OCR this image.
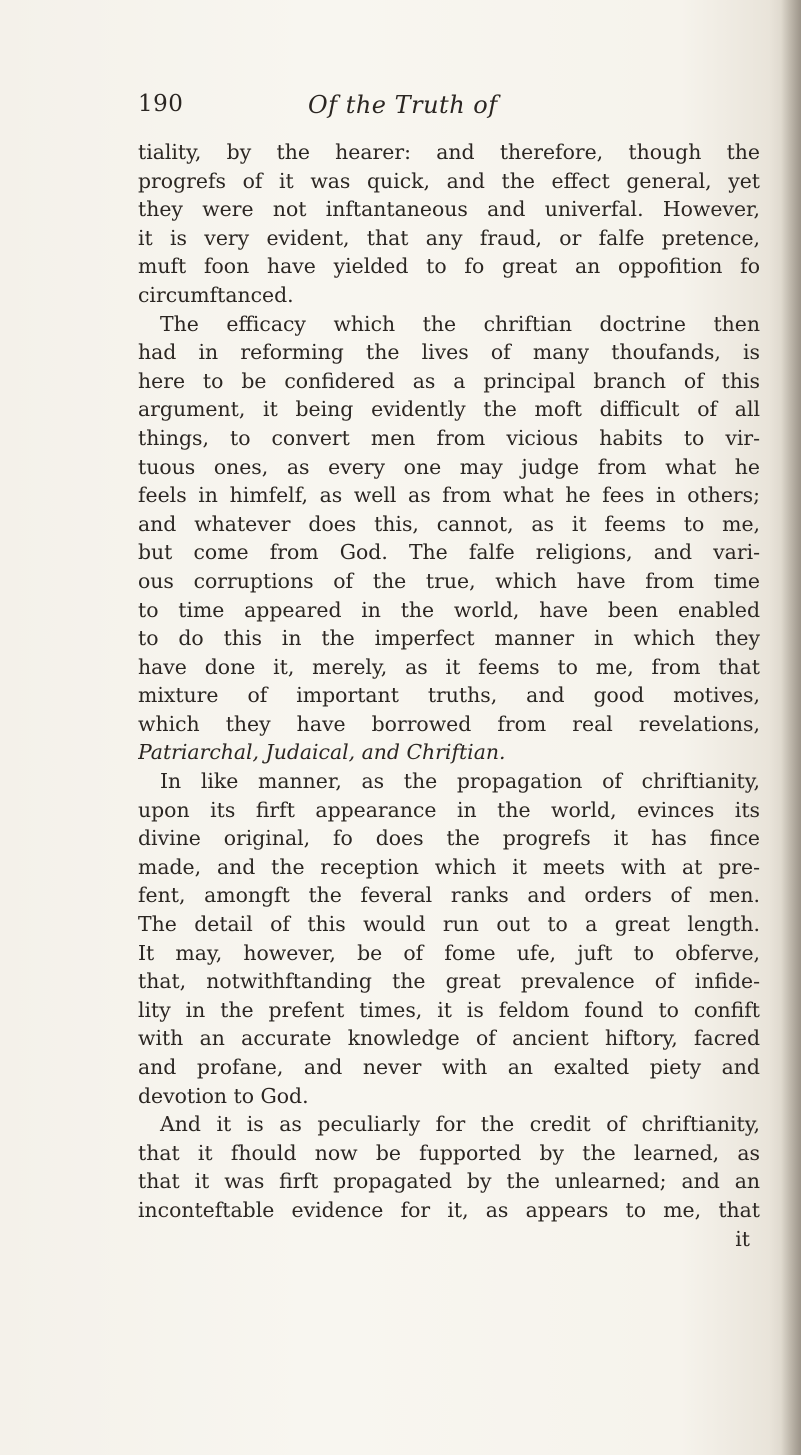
190	Of the Truth of
tiality, by the hearer: and therefore, though the
progrefs of it was quick, and the effect general, yet
they were not inftantaneous and univerfal. However,
it is very evident, that any fraud, or falfe pretence,
muft foon have yielded to fo great an oppofition fo
circumftanced.
The efficacy which the chriftian doctrine then
had in reforming the lives of many thoufands, is
here to be confidered as a principal branch of this
argument, it being evidently the moft difficult of all
things, to convert men from vicious habits to vir-
tuous ones, as every one may judge from what he
feels in himfelf, as well as from what he fees in others;
and whatever does this, cannot, as it feems to me,
but come from God. The falfe religions, and vari-
ous corruptions of the true, which have from time
to time appeared in the world, have been enabled
to do this in the imperfect manner in which they
have done it, merely, as it feems to me, from that
mixture of important truths, and good motives,
which they have borrowed from real revelations,
Patriarchal, Judaical, and Chriftian.
In like manner, as the propagation of chriftianity,
upon its firft appearance in the world, evinces its
divine original, fo does the progrefs it has fince
made, and the reception which it meets with at pre-
fent, amongft the feveral ranks and orders of men.
The detail of this would run out to a great length.
It may, however, be of fome ufe, juft to obferve,
that, notwithftanding the great prevalence of infide-
lity in the prefent times, it is feldom found to confift
with an accurate knowledge of ancient hiftory, facred
and profane, and never with an exalted piety and
devotion to God.
And it is as peculiarly for the credit of chriftianity,
that it fhould now be fupported by the learned, as
that it was firft propagated by the unlearned; and an
inconteftable evidence for it, as appears to me, that
it
